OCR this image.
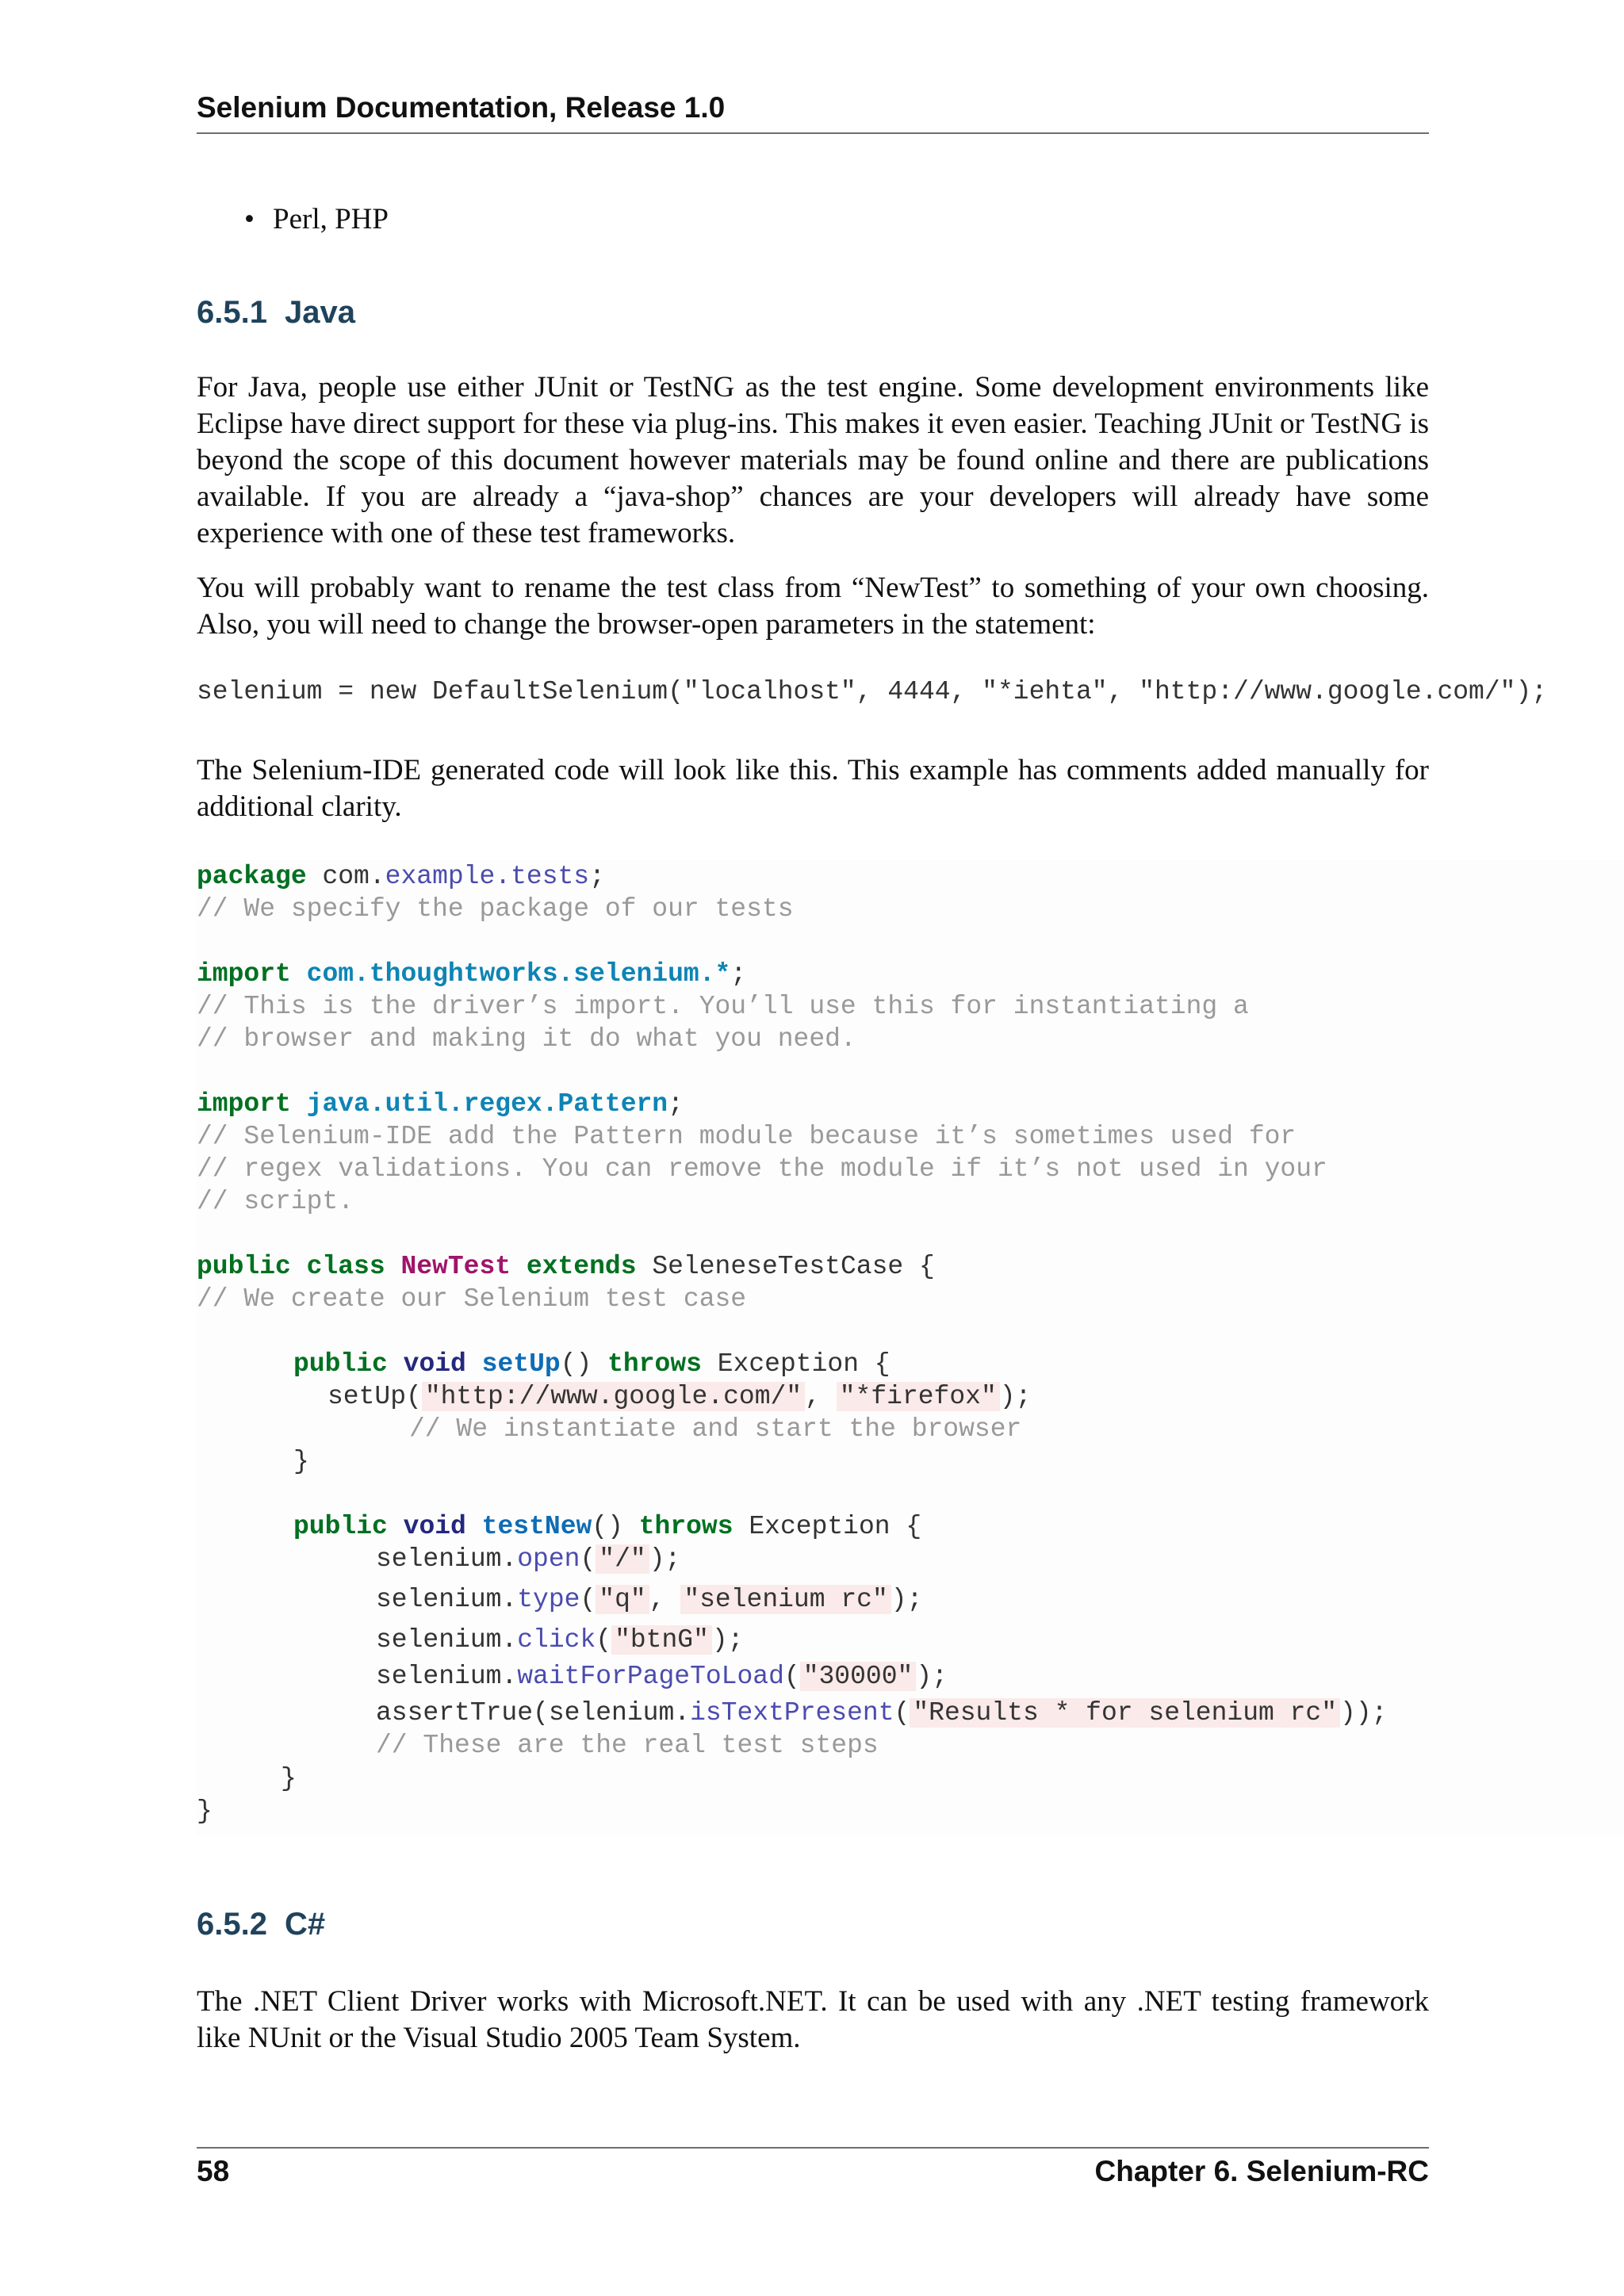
Selenium Documentation, Release 1.0
• Perl, PHP
6.5.1 Java
For Java, people use either JUnit or TestNG as the test engine. Some development environments like Eclipse have direct support for these via plug-ins. This makes it even easier. Teaching JUnit or TestNG is beyond the scope of this document however materials may be found online and there are publications available. If you are already a “java-shop” chances are your developers will already have some experience with one of these test frameworks.
You will probably want to rename the test class from “NewTest” to something of your own choosing. Also, you will need to change the browser-open parameters in the statement:
selenium = new DefaultSelenium("localhost", 4444, "*iehta", "http://www.google.com/");
The Selenium-IDE generated code will look like this. This example has comments added manually for additional clarity.

package com.example.tests;

// We specify the package of our tests

import com.thoughtworks.selenium.*;

// This is the driver’s import. You’ll use this for instantiating a

// browser and making it do what you need.

import java.util.regex.Pattern;

// Selenium-IDE add the Pattern module because it’s sometimes used for

// regex validations. You can remove the module if it’s not used in your

// script.

public class NewTest extends SeleneseTestCase {

// We create our Selenium test case

public void setUp() throws Exception {

setUp( "http://www.google.com/" , "*firefox" );

// We instantiate and start the browser

}

public void testNew() throws Exception {

selenium.open( "/" );

selenium.type( "q" , "selenium rc" );

selenium.click( "btnG" );

selenium.waitForPageToLoad( "30000" );

assertTrue(selenium.isTextPresent( "Results * for selenium rc" ));

// These are the real test steps

}

}

6.5.2 C#
The .NET Client Driver works with Microsoft.NET. It can be used with any .NET testing framework like NUnit or the Visual Studio 2005 Team System.
58	Chapter 6. Selenium-RC
